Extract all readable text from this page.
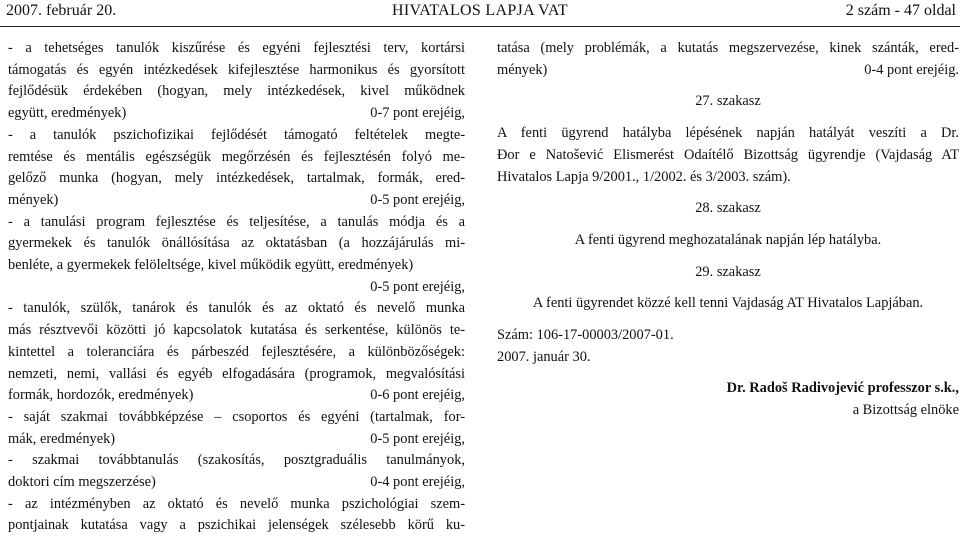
HIVATALOS LAPJA VAT
2007. február 20.	2 szám - 47 oldal
- a tehetséges tanulók kiszűrése és egyéni fejlesztési terv, kortársi
támogatás és egyén intézkedések kifejlesztése harmonikus és gyorsított
fejlődésük érdekében (hogyan, mely intézkedések, kivel működnek
együtt, eredmények)	0-7 pont erejéig,
- a tanulók pszichofizikai fejlődését támogató feltételek megte-
remtése és mentális egészségük megőrzésén és fejlesztésén folyó me-
gelőző munka (hogyan, mely intézkedések, tartalmak, formák, ered-
mények)	0-5 pont erejéig,
- a tanulási program fejlesztése és teljesítése, a tanulás módja és a
gyermekek és tanulók önállósítása az oktatásban (a hozzájárulás mi-
benléte, a gyermekek felöleltsége, kivel működik együtt, eredmények)
0-5 pont erejéig,
- tanulók, szülők, tanárok és tanulók és az oktató és nevelő munka
más résztvevői közötti jó kapcsolatok kutatása és serkentése, különös te-
kintettel a toleranciára és párbeszéd fejlesztésére, a különbözőségek:
nemzeti, nemi, vallási és egyéb elfogadására (programok, megvalósítási
formák, hordozók, eredmények)	0-6 pont erejéig,
- saját szakmai továbbképzése – csoportos és egyéni (tartalmak, for-
mák, eredmények)	0-5 pont erejéig,
- szakmai továbbtanulás (szakosítás, posztgraduális tanulmányok,
doktori cím megszerzése)	0-4 pont erejéig,
- az intézményben az oktató és nevelő munka pszichológiai szem-
pontjainak kutatása vagy a pszichikai jelenségek szélesebb körű ku-
tatása (mely problémák, a kutatás megszervezése, kinek szánták, ered-
mények)	0-4 pont erejéig.
27. szakasz
A fenti ügyrend hatályba lépésének napján hatályát veszíti a Dr.
Đor e Natošević Elismerést Odaítélő Bizottság ügyrendje (Vajdaság AT
Hivatalos Lapja 9/2001., 1/2002. és 3/2003. szám).
28. szakasz
A fenti ügyrend meghozatalának napján lép hatályba.
29. szakasz
A fenti ügyrendet közzé kell tenni Vajdaság AT Hivatalos Lapjában.
Szám: 106-17-00003/2007-01.
2007. január 30.
Dr. Radoš Radivojević professzor s.k.,
a Bizottság elnöke
